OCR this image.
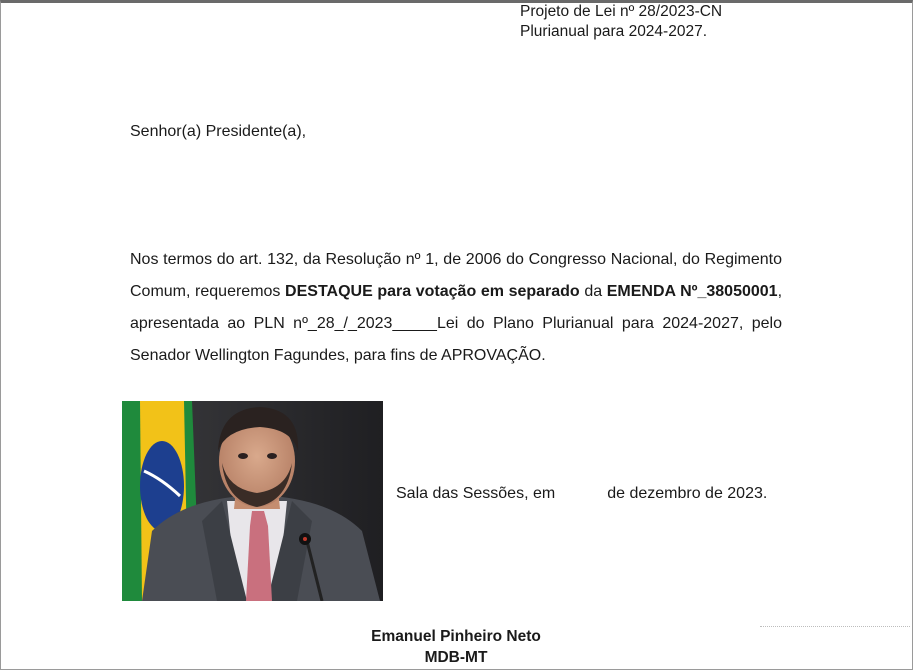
Projeto de Lei nº 28/2023-CN
Plurianual para 2024-2027.
Senhor(a) Presidente(a),
Nos termos do art. 132, da Resolução nº 1, de 2006 do Congresso Nacional, do Regimento Comum, requeremos DESTAQUE para votação em separado da EMENDA Nº_38050001, apresentada ao PLN nº_28_/_2023_____Lei do Plano Plurianual para 2024-2027, pelo Senador Wellington Fagundes, para fins de APROVAÇÃO.
Sala das Sessões, em	de dezembro de 2023.
Emanuel Pinheiro Neto
MDB-MT
